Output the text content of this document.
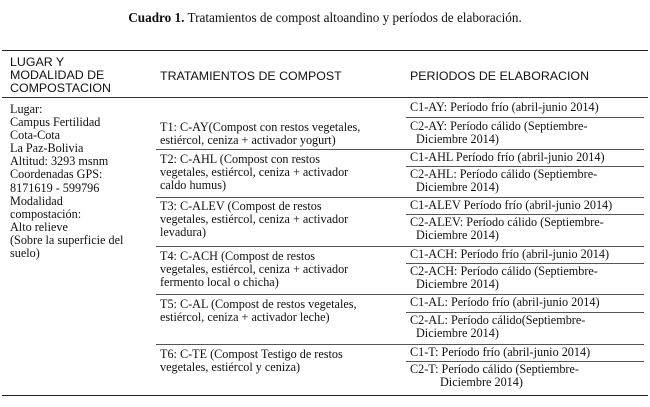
Cuadro 1. Tratamientos de compost altoandino y períodos de elaboración.
LUGAR Y
MODALIDAD DE
COMPOSTACION
TRATAMIENTOS DE COMPOST	PERIODOS DE ELABORACION
Lugar:
Campus Fertilidad
Cota-Cota
La Paz-Bolivia
Altitud: 3293 msnm
Coordenadas GPS:
8171619 - 599796
Modalidad
compostación:
Alto relieve
(Sobre la superficie del
suelo)
T1: C-AY(Compost con restos vegetales,
estiércol, ceniza + activador yogurt)
C1-AY: Período frío (abril-junio 2014)
C2-AY: Período cálido (Septiembre-
Diciembre 2014)
T2: C-AHL (Compost con restos
vegetales, estiércol, ceniza + activador
caldo humus)
C1-AHL Período frío (abril-junio 2014)
C2-AHL: Período cálido (Septiembre-
Diciembre 2014)
T3: C-ALEV (Compost de restos
vegetales, estiércol, ceniza + activador
levadura)
C1-ALEV Período frío (abril-junio 2014)
C2-ALEV: Período cálido (Septiembre-
Diciembre 2014)
T4: C-ACH (Compost de restos
vegetales, estiércol, ceniza + activador
fermento local o chicha)
C1-ACH: Período frío (abril-junio 2014)
C2-ACH: Período cálido (Septiembre-
Diciembre 2014)
T5: C-AL (Compost de restos vegetales,
estiércol, ceniza + activador leche)
C1-AL: Período frío (abril-junio 2014)
C2-AL: Período cálido(Septiembre-
Diciembre 2014)
T6: C-TE (Compost Testigo de restos
vegetales, estiércol y ceniza)
C1-T: Período frío (abril-junio 2014)
C2-T: Período cálido (Septiembre-
Diciembre 2014)
